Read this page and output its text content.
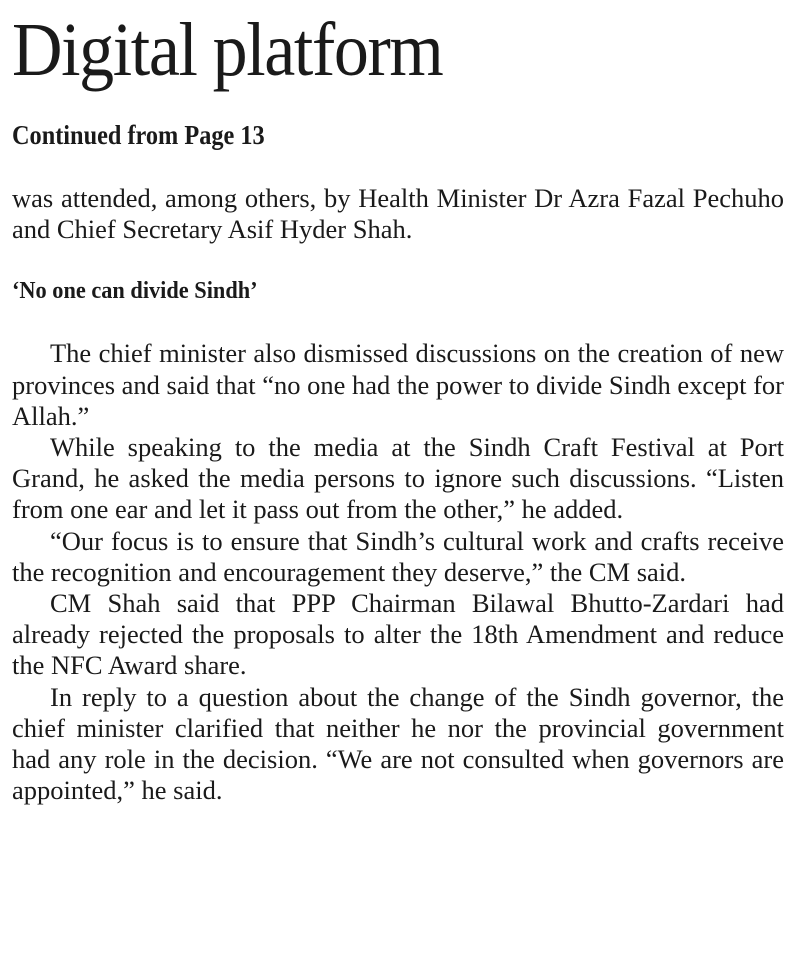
Digital platform
Continued from Page 13

was attended, among others, by Health Minister Dr Azra Fazal Pechuho and Chief Secretary Asif Hyder Shah.

‘No one can divide Sindh’

The chief minister also dismissed discussions on the creation of new provinces and said that “no one had the power to divide Sindh except for Allah.”

While speaking to the media at the Sindh Craft Festival at Port Grand, he asked the media persons to ignore such discussions. “Listen from one ear and let it pass out from the other,” he added.

“Our focus is to ensure that Sindh’s cultural work and crafts receive the recognition and encouragement they deserve,” the CM said.

CM Shah said that PPP Chairman Bilawal Bhutto-Zardari had already rejected the proposals to alter the 18th Amendment and reduce the NFC Award share.

In reply to a question about the change of the Sindh governor, the chief minister clarified that neither he nor the provincial government had any role in the decision. “We are not consulted when governors are appointed,” he said.
